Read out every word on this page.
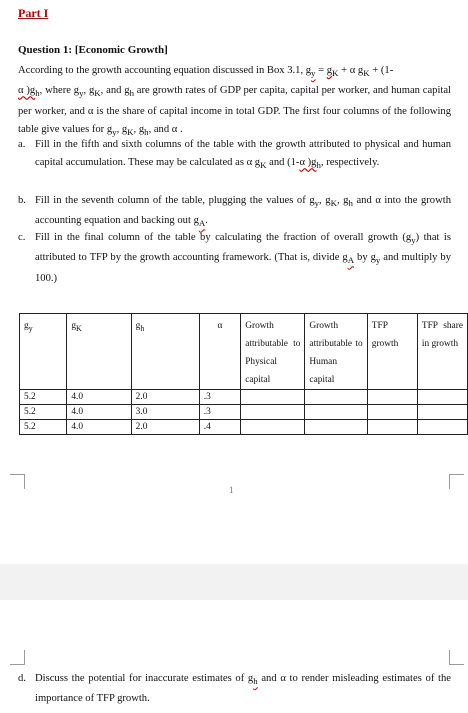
Part I
Question 1: [Economic Growth]
According to the growth accounting equation discussed in Box 3.1, $g_y = g_K + \alpha$ $g_K + (1-$
α )$g_h$, where $g_y$, $g_K$, and $g_h$ are growth rates of GDP per capita, capital per worker, and human capital per worker, and α is the share of capital income in total GDP. The first four columns of the following table give values for $g_y$, $g_K$, $g_h$, and α .
a. Fill in the fifth and sixth columns of the table with the growth attributed to physical and human capital accumulation. These may be calculated as α $g_K$ and (1-α )$g_h$, respectively.
b. Fill in the seventh column of the table, plugging the values of $g_y$, $g_K$, $g_h$ and α into the growth accounting equation and backing out $g_A$.
c. Fill in the final column of the table by calculating the fraction of overall growth $(g_y)$ that is attributed to TFP by the growth accounting framework. (That is, divide $g_A$ by $g_y$ and multiply by 100.)
$g_y$	$g_K$	$g_h$	α	Growth attributable to Physical capital	Growth attributable to Human capital	TFP growth	TFP share in growth
5.2	4.0	2.0	.3				
5.2	4.0	3.0	.3				
5.2	4.0	2.0	.4				
1
d. Discuss the potential for inaccurate estimates of $g_h$ and α to render misleading estimates of the importance of TFP growth.
